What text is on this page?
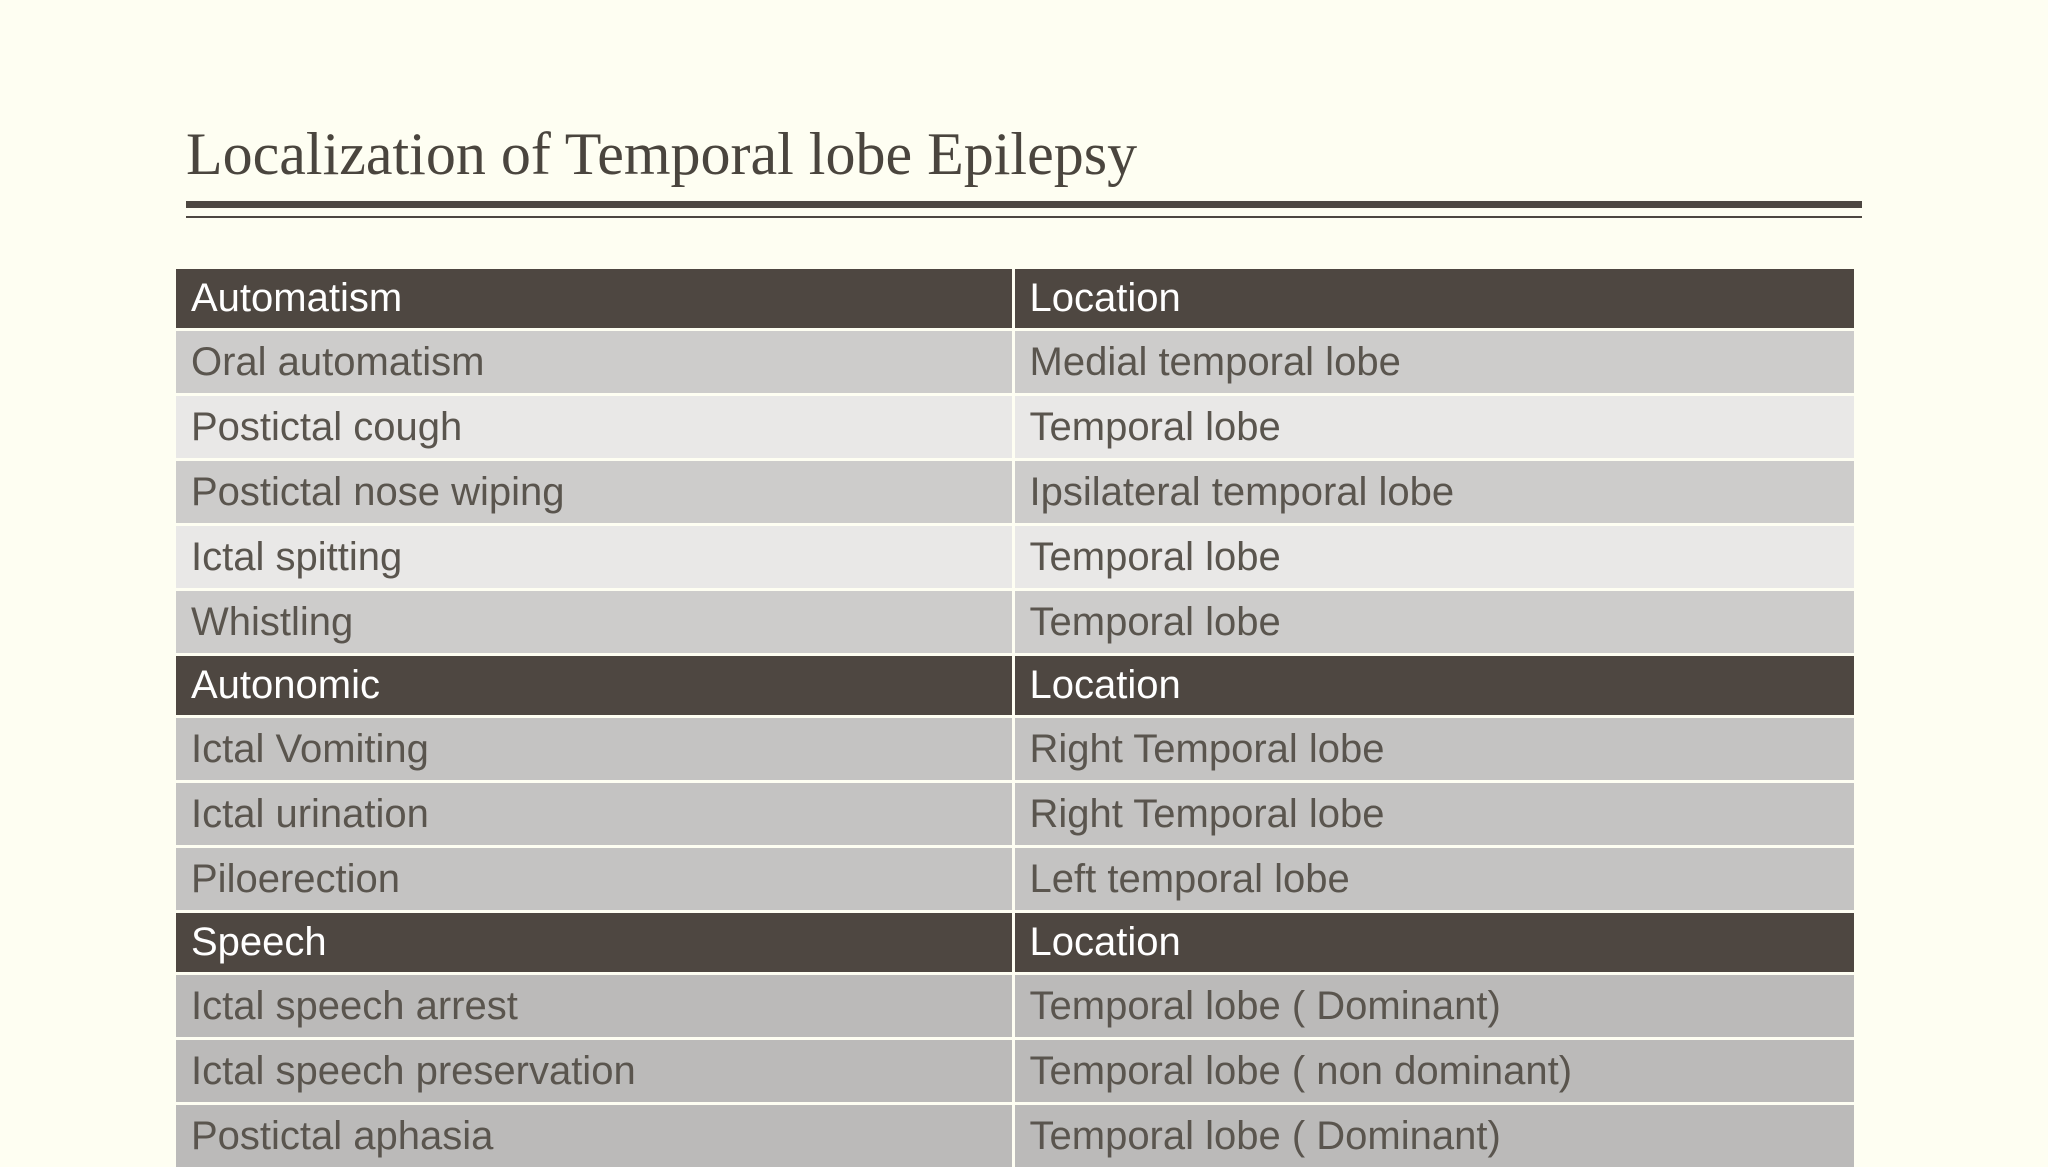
Localization of Temporal lobe Epilepsy
Automatism	Location
Oral automatism	Medial temporal lobe
Postictal cough	Temporal lobe
Postictal nose wiping	Ipsilateral temporal lobe
Ictal spitting	Temporal lobe
Whistling	Temporal lobe
Autonomic	Location
Ictal Vomiting	Right Temporal lobe
Ictal urination	Right Temporal lobe
Piloerection	Left temporal lobe
Speech	Location
Ictal speech arrest	Temporal lobe ( Dominant)
Ictal speech preservation	Temporal lobe ( non dominant)
Postictal aphasia	Temporal lobe ( Dominant)
